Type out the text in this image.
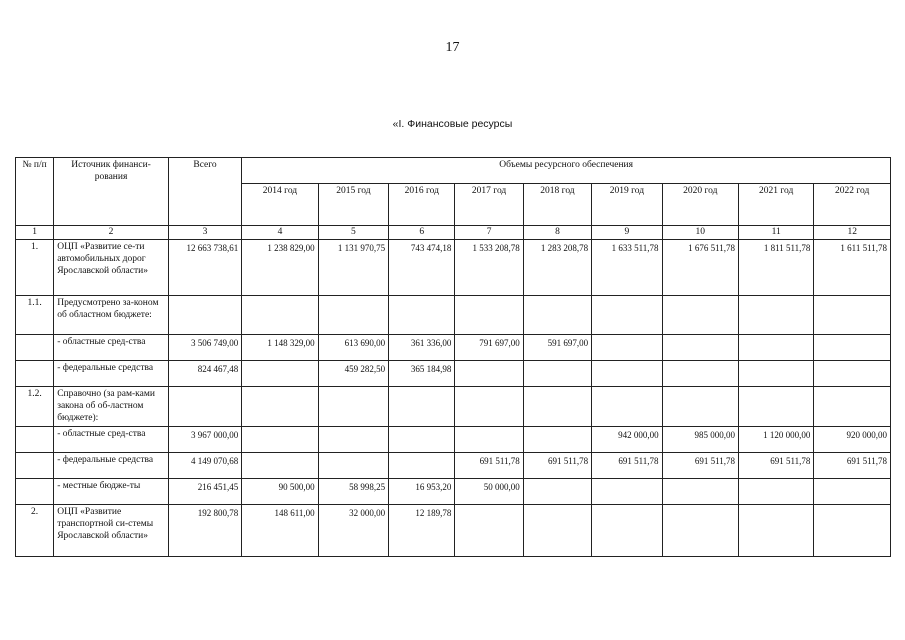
17
«I. Финансовые ресурсы
№ п/п	Источник финанси-рования	Всего	Объемы ресурсного обеспечения								
			2014 год	2015 год	2016 год	2017 год	2018 год	2019 год	2020 год	2021 год	2022 год
1	2	3	4	5	6	7	8	9	10	11	12
1.	ОЦП «Развитие се-ти автомобильных дорог Ярославской области»	12 663 738,61	1 238 829,00	1 131 970,75	743 474,18	1 533 208,78	1 283 208,78	1 633 511,78	1 676 511,78	1 811 511,78	1 611 511,78
1.1.	Предусмотрено за-коном об областном бюджете:										
	- областные сред-ства	3 506 749,00	1 148 329,00	613 690,00	361 336,00	791 697,00	591 697,00				
	- федеральные средства	824 467,48		459 282,50	365 184,98						
1.2.	Справочно (за рам-ками закона об об-ластном бюджете):										
	- областные сред-ства	3 967 000,00						942 000,00	985 000,00	1 120 000,00	920 000,00
	- федеральные средства	4 149 070,68				691 511,78	691 511,78	691 511,78	691 511,78	691 511,78	691 511,78
	- местные бюдже-ты	216 451,45	90 500,00	58 998,25	16 953,20	50 000,00					
2.	ОЦП «Развитие транспортной си-стемы Ярославской области»	192 800,78	148 611,00	32 000,00	12 189,78						
